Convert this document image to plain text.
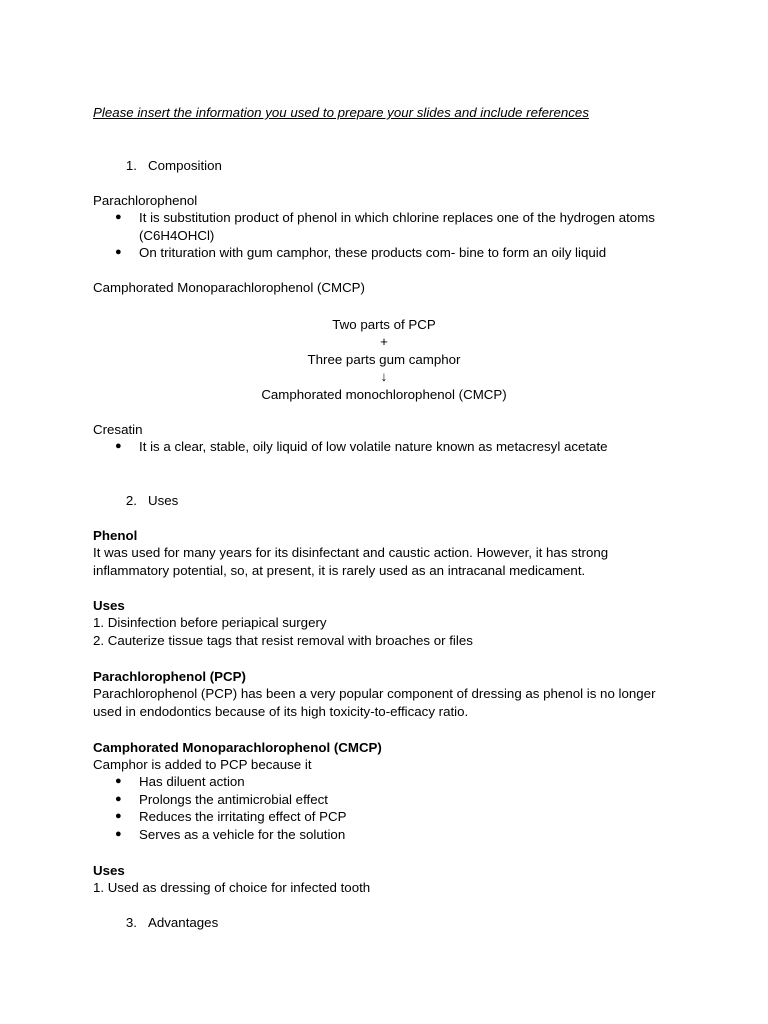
Please insert the information you used to prepare your slides and include references
1. Composition
Parachlorophenol
●	It is substitution product of phenol in which chlorine replaces one of the hydrogen atoms (C6H4OHCl)
●	On trituration with gum camphor, these products com- bine to form an oily liquid
Camphorated Monoparachlorophenol (CMCP)
Two parts of PCP
+
Three parts gum camphor
↓
Camphorated monochlorophenol (CMCP)
Cresatin
●	It is a clear, stable, oily liquid of low volatile nature known as metacresyl acetate
2. Uses
Phenol
It was used for many years for its disinfectant and caustic action. However, it has strong inflammatory potential, so, at present, it is rarely used as an intracanal medicament.
Uses
1. Disinfection before periapical surgery
2. Cauterize tissue tags that resist removal with broaches or files
Parachlorophenol (PCP)
Parachlorophenol (PCP) has been a very popular component of dressing as phenol is no longer used in endodontics because of its high toxicity-to-efficacy ratio.
Camphorated Monoparachlorophenol (CMCP)
Camphor is added to PCP because it
●	Has diluent action
●	Prolongs the antimicrobial effect
●	Reduces the irritating effect of PCP
●	Serves as a vehicle for the solution
Uses
1. Used as dressing of choice for infected tooth
3. Advantages
